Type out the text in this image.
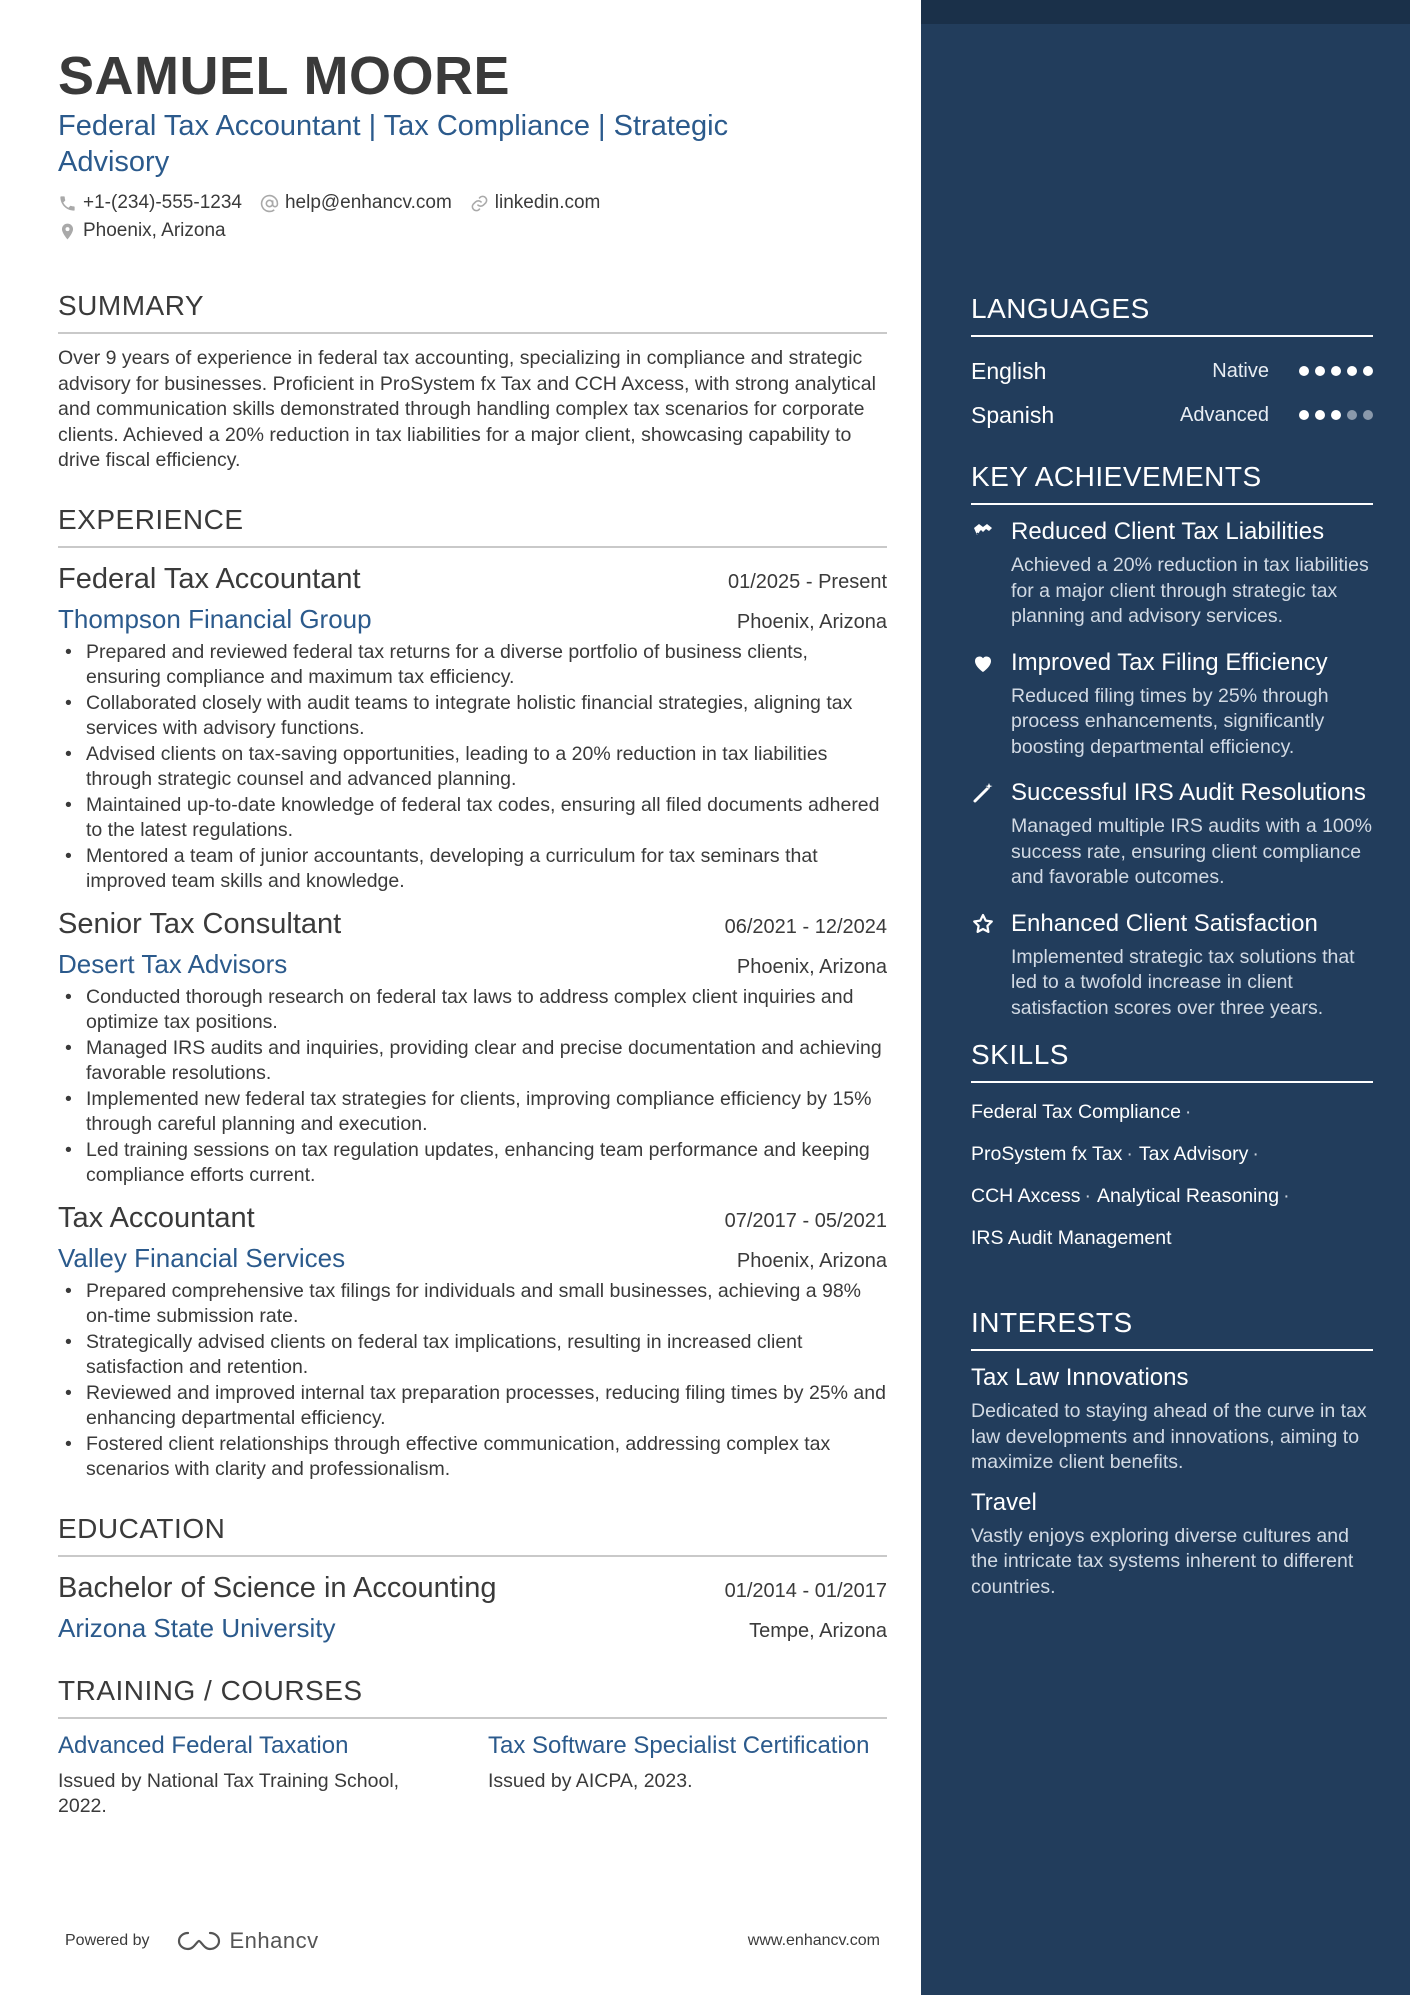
SAMUEL MOORE
Federal Tax Accountant | Tax Compliance | Strategic Advisory
+1-(234)-555-1234 help@enhancv.com linkedin.com
Phoenix, Arizona
SUMMARY
Over 9 years of experience in federal tax accounting, specializing in compliance and strategic advisory for businesses. Proficient in ProSystem fx Tax and CCH Axcess, with strong analytical and communication skills demonstrated through handling complex tax scenarios for corporate clients. Achieved a 20% reduction in tax liabilities for a major client, showcasing capability to drive fiscal efficiency.
EXPERIENCE
Federal Tax Accountant	01/2025 - Present
Thompson Financial Group	Phoenix, Arizona
• Prepared and reviewed federal tax returns for a diverse portfolio of business clients, ensuring compliance and maximum tax efficiency.
• Collaborated closely with audit teams to integrate holistic financial strategies, aligning tax services with advisory functions.
• Advised clients on tax-saving opportunities, leading to a 20% reduction in tax liabilities through strategic counsel and advanced planning.
• Maintained up-to-date knowledge of federal tax codes, ensuring all filed documents adhered to the latest regulations.
• Mentored a team of junior accountants, developing a curriculum for tax seminars that improved team skills and knowledge.
Senior Tax Consultant	06/2021 - 12/2024
Desert Tax Advisors	Phoenix, Arizona
• Conducted thorough research on federal tax laws to address complex client inquiries and optimize tax positions.
• Managed IRS audits and inquiries, providing clear and precise documentation and achieving favorable resolutions.
• Implemented new federal tax strategies for clients, improving compliance efficiency by 15% through careful planning and execution.
• Led training sessions on tax regulation updates, enhancing team performance and keeping compliance efforts current.
Tax Accountant	07/2017 - 05/2021
Valley Financial Services	Phoenix, Arizona
• Prepared comprehensive tax filings for individuals and small businesses, achieving a 98% on-time submission rate.
• Strategically advised clients on federal tax implications, resulting in increased client satisfaction and retention.
• Reviewed and improved internal tax preparation processes, reducing filing times by 25% and enhancing departmental efficiency.
• Fostered client relationships through effective communication, addressing complex tax scenarios with clarity and professionalism.
EDUCATION
Bachelor of Science in Accounting	01/2014 - 01/2017
Arizona State University	Tempe, Arizona
TRAINING / COURSES
Advanced Federal Taxation
Issued by National Tax Training School, 2022.
Tax Software Specialist Certification
Issued by AICPA, 2023.
Powered by	Enhancv	www.enhancv.com
LANGUAGES
English	Native
Spanish	Advanced
KEY ACHIEVEMENTS
Reduced Client Tax Liabilities
Achieved a 20% reduction in tax liabilities for a major client through strategic tax planning and advisory services.
Improved Tax Filing Efficiency
Reduced filing times by 25% through process enhancements, significantly boosting departmental efficiency.
Successful IRS Audit Resolutions
Managed multiple IRS audits with a 100% success rate, ensuring client compliance and favorable outcomes.
Enhanced Client Satisfaction
Implemented strategic tax solutions that led to a twofold increase in client satisfaction scores over three years.
SKILLS
Federal Tax Compliance ·
ProSystem fx Tax · Tax Advisory ·
CCH Axcess · Analytical Reasoning ·
IRS Audit Management
INTERESTS
Tax Law Innovations
Dedicated to staying ahead of the curve in tax law developments and innovations, aiming to maximize client benefits.
Travel
Vastly enjoys exploring diverse cultures and the intricate tax systems inherent to different countries.
